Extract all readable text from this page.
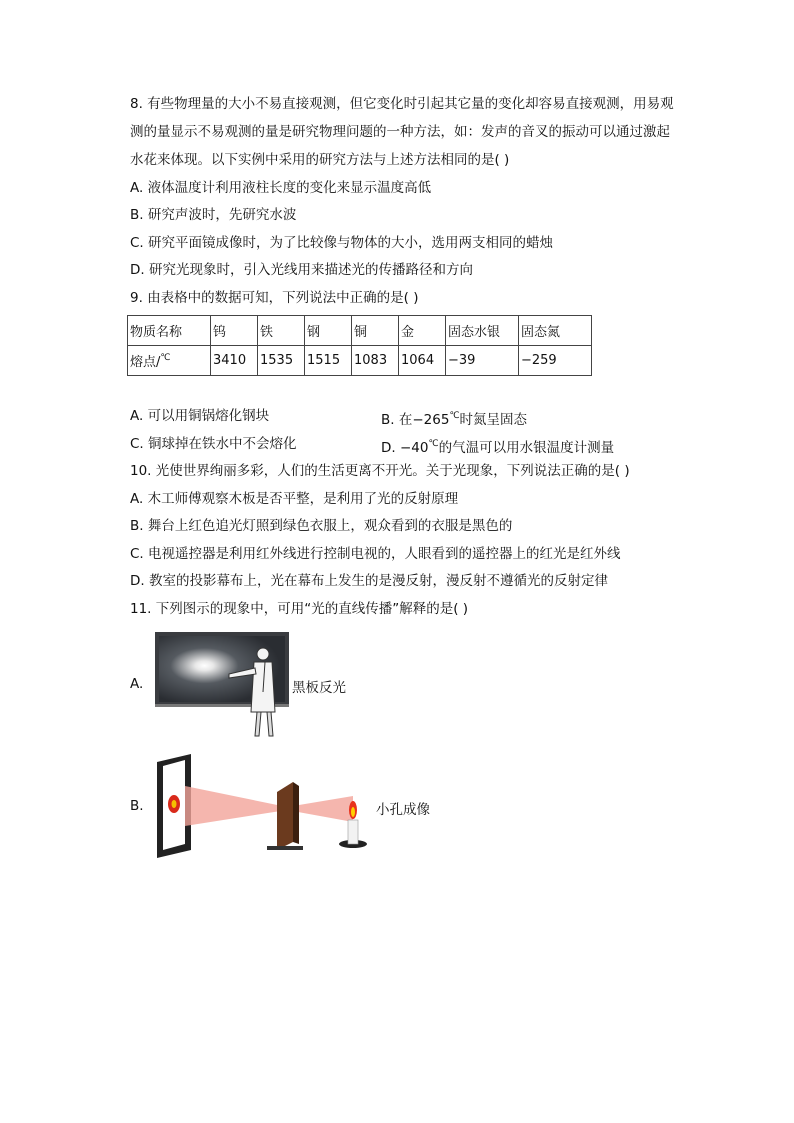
8. 有些物理量的大小不易直接观测，但它变化时引起其它量的变化却容易直接观测，用易观
测的量显示不易观测的量是研究物理问题的一种方法，如：发声的音叉的振动可以通过激起
水花来体现。以下实例中采用的研究方法与上述方法相同的是( )
A. 液体温度计利用液柱长度的变化来显示温度高低
B. 研究声波时，先研究水波
C. 研究平面镜成像时，为了比较像与物体的大小，选用两支相同的蜡烛
D. 研究光现象时，引入光线用来描述光的传播路径和方向
9. 由表格中的数据可知，下列说法中正确的是( )
物质名称	钨	铁	钢	铜	金	固态水银	固态氮
熔点/℃	3410	1535	1515	1083	1064	−39	−259
A. 可以用铜锅熔化钢块	B. 在−265℃时氮呈固态
C. 铜球掉在铁水中不会熔化	D. −40℃的气温可以用水银温度计测量
10. 光使世界绚丽多彩，人们的生活更离不开光。关于光现象，下列说法正确的是( )
A. 木工师傅观察木板是否平整，是利用了光的反射原理
B. 舞台上红色追光灯照到绿色衣服上，观众看到的衣服是黑色的
C. 电视遥控器是利用红外线进行控制电视的，人眼看到的遥控器上的红光是红外线
D. 教室的投影幕布上，光在幕布上发生的是漫反射，漫反射不遵循光的反射定律
11. 下列图示的现象中，可用“光的直线传播”解释的是( )
A.	黑板反光
B.	小孔成像
